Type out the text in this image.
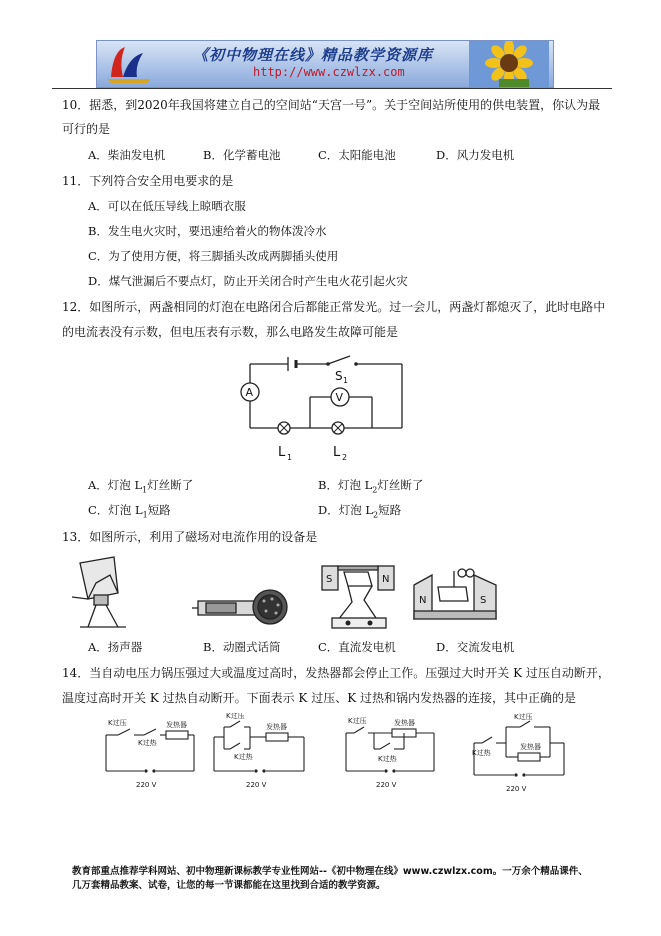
《初中物理在线》精品教学资源库
http://www.czwlzx.com
10．据悉，到2020年我国将建立自己的空间站“天宫一号”。关于空间站所使用的供电装置，你认为最
可行的是
A．柴油发电机	B．化学蓄电池	C．太阳能电池	D．风力发电机
11．下列符合安全用电要求的是
A．可以在低压导线上晾晒衣服
B．发生电火灾时，要迅速给着火的物体泼冷水
C．为了使用方便，将三脚插头改成两脚插头使用
D．煤气泄漏后不要点灯，防止开关闭合时产生电火花引起火灾
12．如图所示，两盏相同的灯泡在电路闭合后都能正常发光。过一会儿，两盏灯都熄灭了，此时电路中
的电流表没有示数，但电压表有示数，那么电路发生故障可能是
S 1
A	V
L 1	L 2
A．灯泡 $L_1$灯丝断了	B．灯泡 $L_2$灯丝断了
C．灯泡 $L_1$短路	D．灯泡 $L_2$短路
13．如图所示，利用了磁场对电流作用的设备是
S	N
N	S
A．扬声器	B．动圈式话筒	C．直流发电机	D．交流发电机
14．当自动电压力锅压强过大或温度过高时，发热器都会停止工作。压强过大时开关 K 过压自动断开，
温度过高时开关 K 过热自动断开。下面表示 K 过压、K 过热和锅内发热器的连接，其中正确的是
K过压
K过热
发热器
220 V
K过压
K过热
发热器
220 V
K过压
K过热
发热器
220 V
K过压
K过热
发热器
220 V
教育部重点推荐学科网站、初中物理新课标教学专业性网站--《初中物理在线》www.czwlzx.com。一万余个精品课件、
几万套精品教案、试卷，让您的每一节课都能在这里找到合适的教学资源。
